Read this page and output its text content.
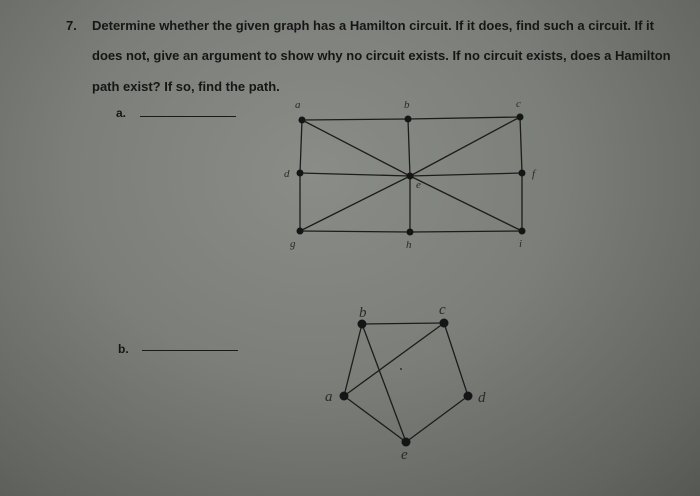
7. Determine whether the given graph has a Hamilton circuit. If it does, find such a circuit. If it
does not, give an argument to show why no circuit exists. If no circuit exists, does a Hamilton
path exist? If so, find the path.
a.
b.
a	b	c
d
e
f
g	h	i
b	c
d
e
a
